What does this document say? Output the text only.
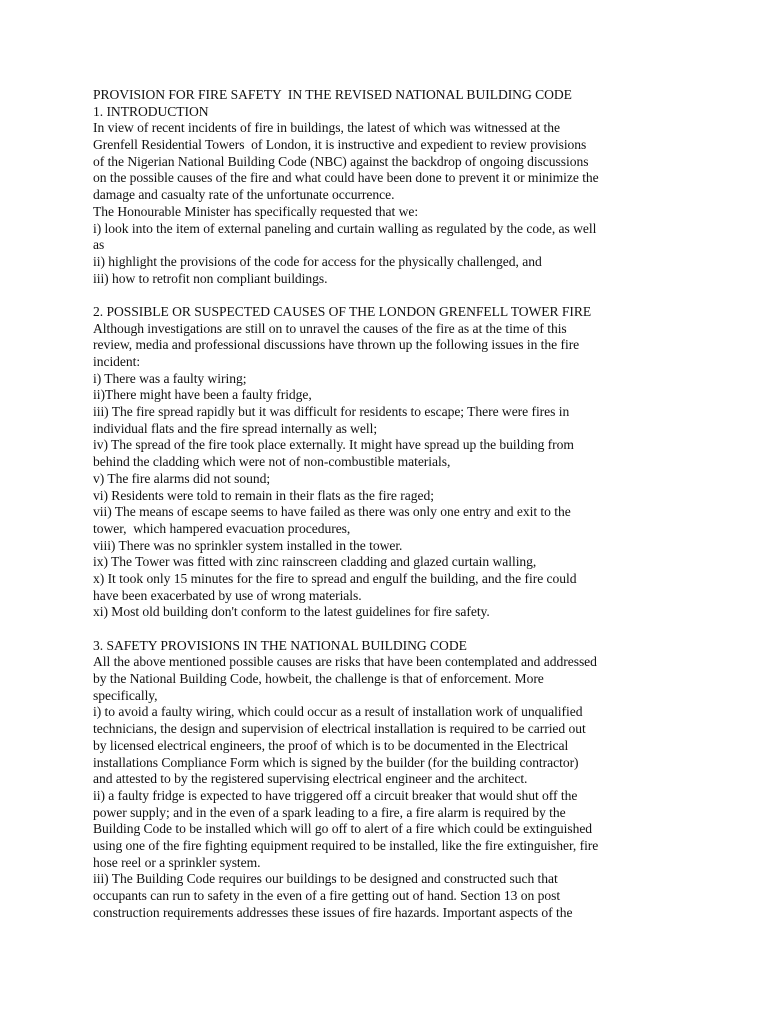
PROVISION FOR FIRE SAFETY  IN THE REVISED NATIONAL BUILDING CODE
1. INTRODUCTION
In view of recent incidents of fire in buildings, the latest of which was witnessed at the
Grenfell Residential Towers  of London, it is instructive and expedient to review provisions
of the Nigerian National Building Code (NBC) against the backdrop of ongoing discussions
on the possible causes of the fire and what could have been done to prevent it or minimize the
damage and casualty rate of the unfortunate occurrence.
The Honourable Minister has specifically requested that we:
i) look into the item of external paneling and curtain walling as regulated by the code, as well
as
ii) highlight the provisions of the code for access for the physically challenged, and
iii) how to retrofit non compliant buildings.
2. POSSIBLE OR SUSPECTED CAUSES OF THE LONDON GRENFELL TOWER FIRE
Although investigations are still on to unravel the causes of the fire as at the time of this
review, media and professional discussions have thrown up the following issues in the fire
incident:
i) There was a faulty wiring;
ii)There might have been a faulty fridge,
iii) The fire spread rapidly but it was difficult for residents to escape; There were fires in
individual flats and the fire spread internally as well;
iv) The spread of the fire took place externally. It might have spread up the building from
behind the cladding which were not of non-combustible materials,
v) The fire alarms did not sound;
vi) Residents were told to remain in their flats as the fire raged;
vii) The means of escape seems to have failed as there was only one entry and exit to the
tower,  which hampered evacuation procedures,
viii) There was no sprinkler system installed in the tower.
ix) The Tower was fitted with zinc rainscreen cladding and glazed curtain walling,
x) It took only 15 minutes for the fire to spread and engulf the building, and the fire could
have been exacerbated by use of wrong materials.
xi) Most old building don't conform to the latest guidelines for fire safety.
3. SAFETY PROVISIONS IN THE NATIONAL BUILDING CODE
All the above mentioned possible causes are risks that have been contemplated and addressed
by the National Building Code, howbeit, the challenge is that of enforcement. More
specifically,
i) to avoid a faulty wiring, which could occur as a result of installation work of unqualified
technicians, the design and supervision of electrical installation is required to be carried out
by licensed electrical engineers, the proof of which is to be documented in the Electrical
installations Compliance Form which is signed by the builder (for the building contractor)
and attested to by the registered supervising electrical engineer and the architect.
ii) a faulty fridge is expected to have triggered off a circuit breaker that would shut off the
power supply; and in the even of a spark leading to a fire, a fire alarm is required by the
Building Code to be installed which will go off to alert of a fire which could be extinguished
using one of the fire fighting equipment required to be installed, like the fire extinguisher, fire
hose reel or a sprinkler system.
iii) The Building Code requires our buildings to be designed and constructed such that
occupants can run to safety in the even of a fire getting out of hand. Section 13 on post
construction requirements addresses these issues of fire hazards. Important aspects of the
